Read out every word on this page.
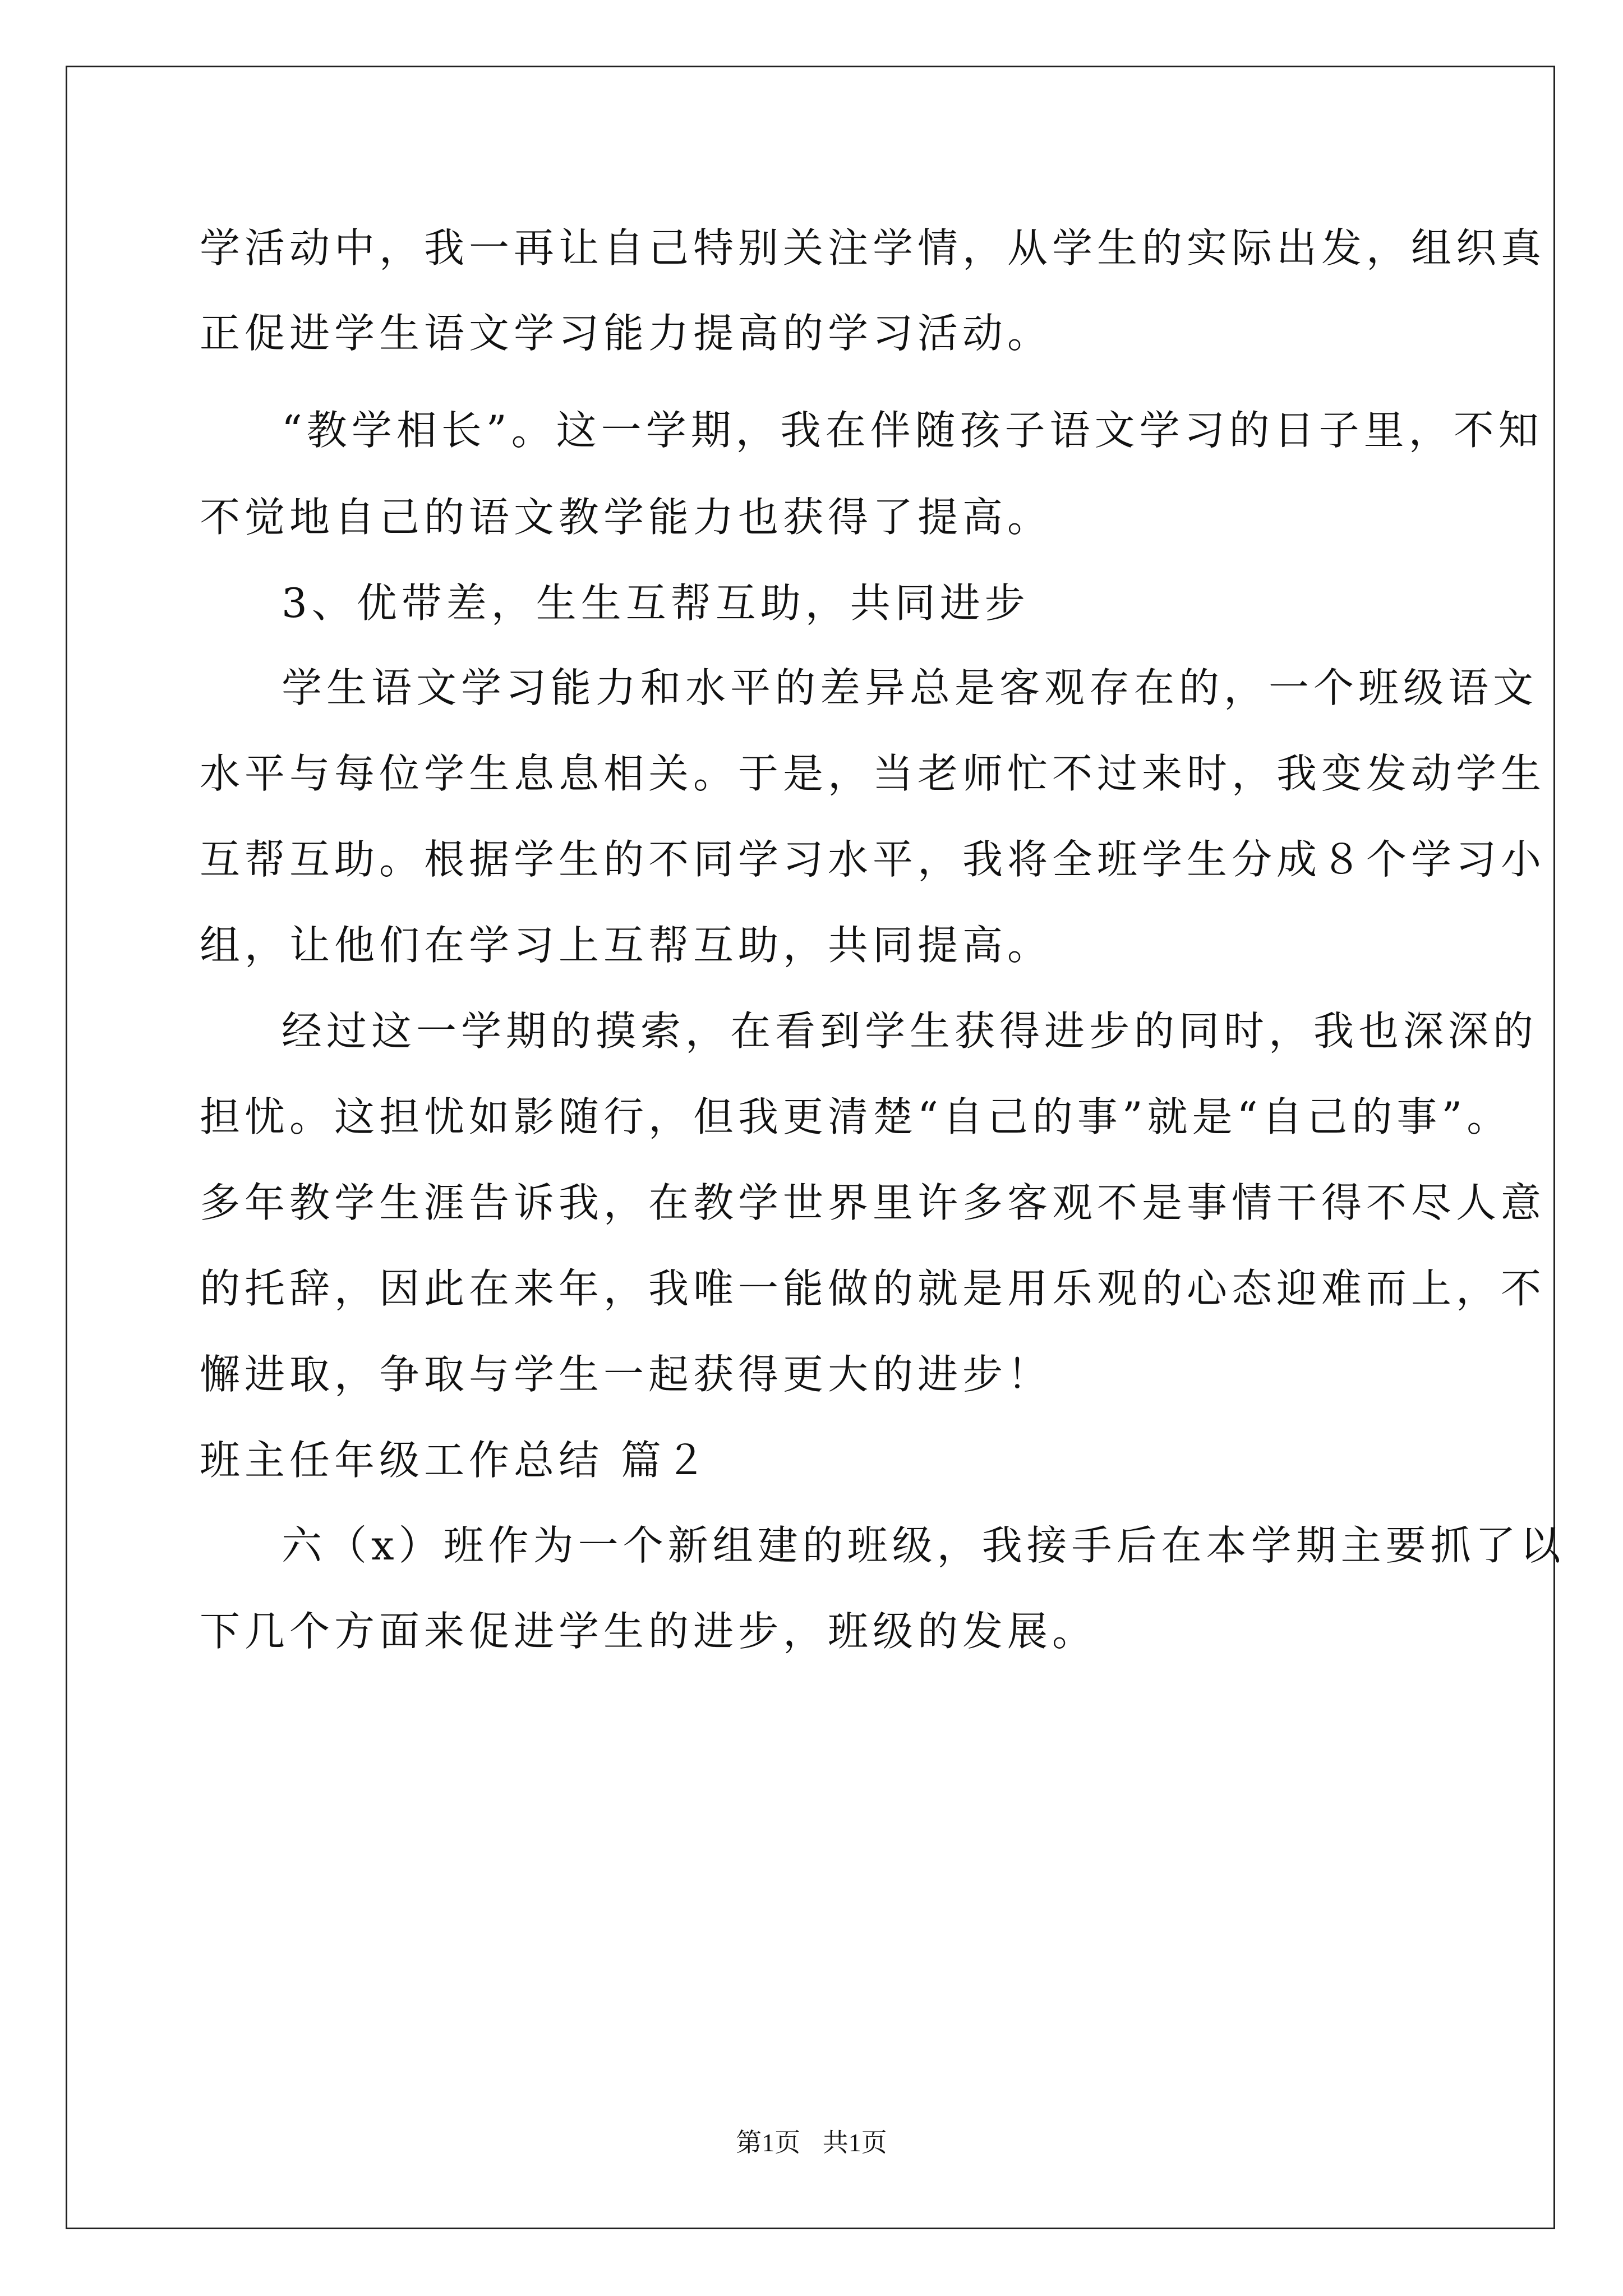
学活动中，我一再让自己特别关注学情，从学生的实际出发，组织真
正促进学生语文学习能力提高的学习活动。
“教学相长”。这一学期，我在伴随孩子语文学习的日子里，不知
不觉地自己的语文教学能力也获得了提高。
3、优带差，生生互帮互助，共同进步
学生语文学习能力和水平的差异总是客观存在的，一个班级语文
水平与每位学生息息相关。于是，当老师忙不过来时，我变发动学生
互帮互助。根据学生的不同学习水平，我将全班学生分成８个学习小
组，让他们在学习上互帮互助，共同提高。
经过这一学期的摸索，在看到学生获得进步的同时，我也深深的
担忧。这担忧如影随行，但我更清楚“自己的事”就是“自己的事”。
多年教学生涯告诉我，在教学世界里许多客观不是事情干得不尽人意
的托辞，因此在来年，我唯一能做的就是用乐观的心态迎难而上，不
懈进取，争取与学生一起获得更大的进步！
班主任年级工作总结 篇２
六（x）班作为一个新组建的班级，我接手后在本学期主要抓了以
下几个方面来促进学生的进步，班级的发展。
第1页 共1页
